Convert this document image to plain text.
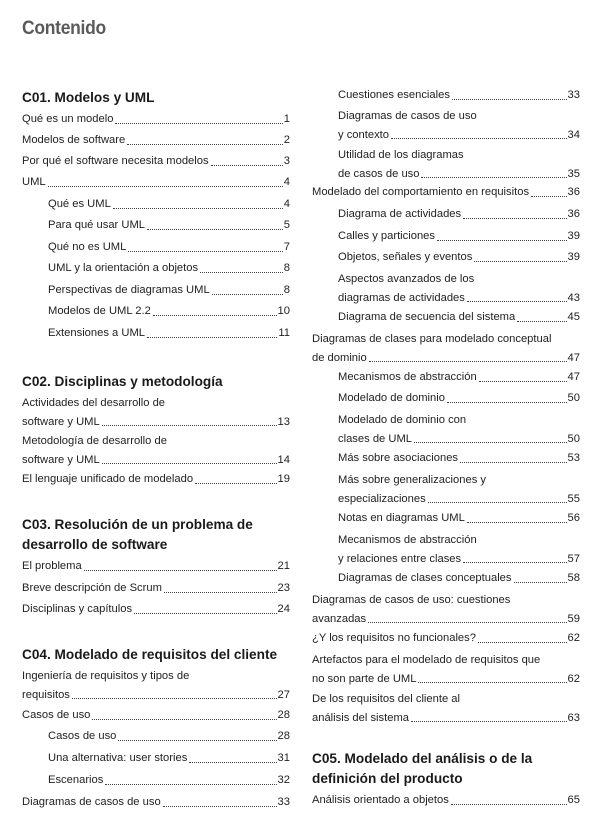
Contenido
C01. Modelos y UML
Qué es un modelo	1
Modelos de software	2
Por qué el software necesita modelos	3
UML	4
Qué es UML	4
Para qué usar UML	5
Qué no es UML	7
UML y la orientación a objetos	8
Perspectivas de diagramas UML	8
Modelos de UML 2.2	10
Extensiones a UML	11
C02. Disciplinas y metodología
Actividades del desarrollo de
software y UML	13
Metodología de desarrollo de
software y UML	14
El lenguaje unificado de modelado	19
C03. Resolución de un problema de
desarrollo de software
El problema	21
Breve descripción de Scrum	23
Disciplinas y capítulos	24
C04. Modelado de requisitos del cliente
Ingeniería de requisitos y tipos de
requisitos	27
Casos de uso	28
Casos de uso	28
Una alternativa: user stories	31
Escenarios	32
Diagramas de casos de uso	33
Cuestiones esenciales	33
Diagramas de casos de uso
y contexto	34
Utilidad de los diagramas
de casos de uso	35
Modelado del comportamiento en requisitos	36
Diagrama de actividades	36
Calles y particiones	39
Objetos, señales y eventos	39
Aspectos avanzados de los
diagramas de actividades	43
Diagrama de secuencia del sistema	45
Diagramas de clases para modelado conceptual
de dominio	47
Mecanismos de abstracción	47
Modelado de dominio	50
Modelado de dominio con
clases de UML	50
Más sobre asociaciones	53
Más sobre generalizaciones y
especializaciones	55
Notas en diagramas UML	56
Mecanismos de abstracción
y relaciones entre clases	57
Diagramas de clases conceptuales	58
Diagramas de casos de uso: cuestiones
avanzadas	59
¿Y los requisitos no funcionales?	62
Artefactos para el modelado de requisitos que
no son parte de UML	62
De los requisitos del cliente al
análisis del sistema	63
C05. Modelado del análisis o de la
definición del producto
Análisis orientado a objetos	65
